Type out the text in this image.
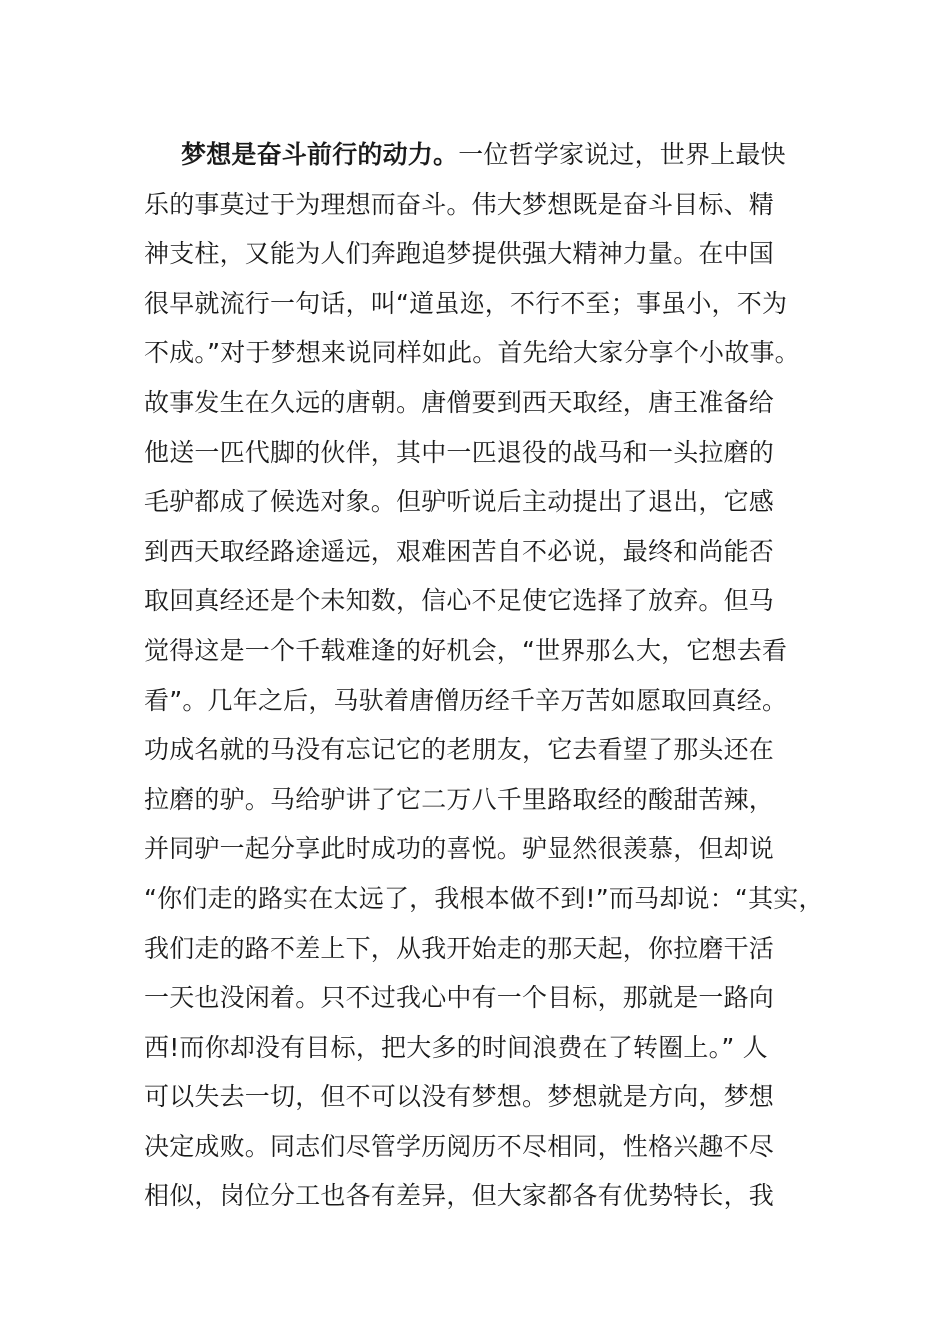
梦想是奋斗前行的动力。一位哲学家说过，世界上最快
乐的事莫过于为理想而奋斗。伟大梦想既是奋斗目标、精
神支柱，又能为人们奔跑追梦提供强大精神力量。在中国
很早就流行一句话，叫“道虽迩，不行不至；事虽小，不为
不成。”对于梦想来说同样如此。首先给大家分享个小故事。
故事发生在久远的唐朝。唐僧要到西天取经，唐王准备给
他送一匹代脚的伙伴，其中一匹退役的战马和一头拉磨的
毛驴都成了候选对象。但驴听说后主动提出了退出，它感
到西天取经路途遥远，艰难困苦自不必说，最终和尚能否
取回真经还是个未知数，信心不足使它选择了放弃。但马
觉得这是一个千载难逢的好机会，“世界那么大，它想去看
看”。几年之后，马驮着唐僧历经千辛万苦如愿取回真经。
功成名就的马没有忘记它的老朋友，它去看望了那头还在
拉磨的驴。马给驴讲了它二万八千里路取经的酸甜苦辣，
并同驴一起分享此时成功的喜悦。驴显然很羡慕，但却说
“你们走的路实在太远了，我根本做不到!”而马却说：“其实，
我们走的路不差上下，从我开始走的那天起，你拉磨干活
一天也没闲着。只不过我心中有一个目标，那就是一路向
西!而你却没有目标，把大多的时间浪费在了转圈上。” 人
可以失去一切，但不可以没有梦想。梦想就是方向，梦想
决定成败。同志们尽管学历阅历不尽相同，性格兴趣不尽
相似，岗位分工也各有差异，但大家都各有优势特长，我
